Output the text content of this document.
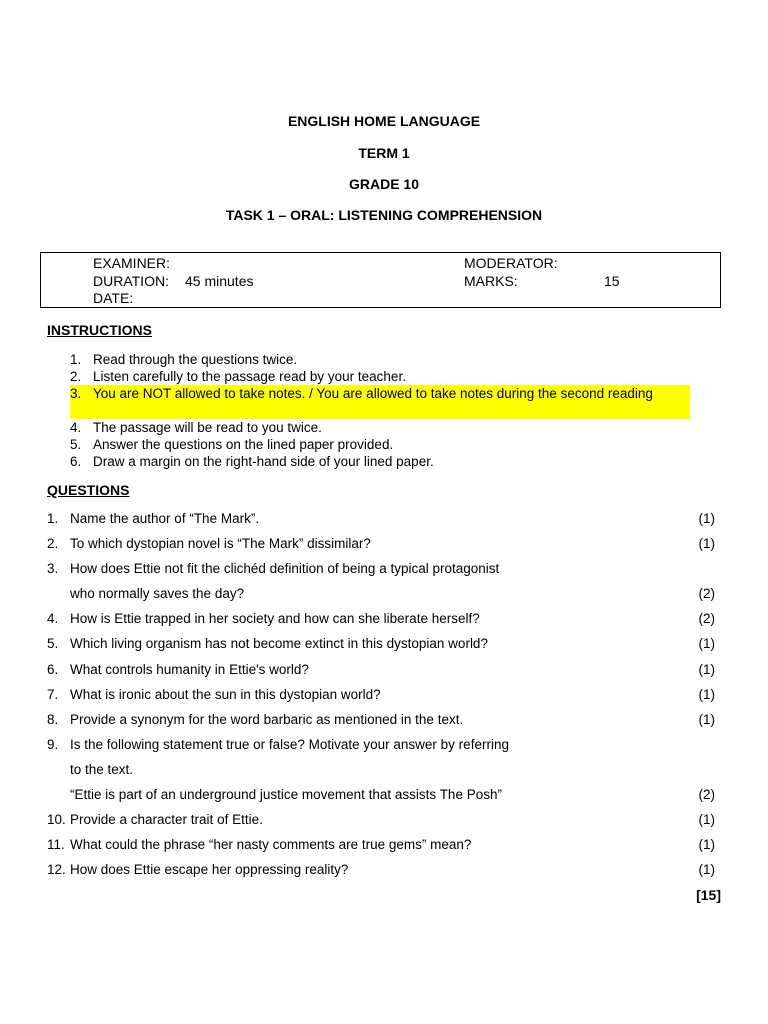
ENGLISH HOME LANGUAGE
TERM 1
GRADE 10
TASK 1 – ORAL: LISTENING COMPREHENSION
EXAMINER:	MODERATOR:
DURATION: 45 minutes	MARKS:	15
DATE:
INSTRUCTIONS
1. Read through the questions twice.
2. Listen carefully to the passage read by your teacher.
3. You are NOT allowed to take notes. / You are allowed to take notes during the second reading
4. The passage will be read to you twice.
5. Answer the questions on the lined paper provided.
6. Draw a margin on the right-hand side of your lined paper.
QUESTIONS
1. Name the author of “The Mark”.	(1)
2. To which dystopian novel is “The Mark” dissimilar?	(1)
3. How does Ettie not fit the clichéd definition of being a typical protagonist
who normally saves the day?	(2)
4. How is Ettie trapped in her society and how can she liberate herself?	(2)
5. Which living organism has not become extinct in this dystopian world?	(1)
6. What controls humanity in Ettie's world?	(1)
7. What is ironic about the sun in this dystopian world?	(1)
8. Provide a synonym for the word barbaric as mentioned in the text.	(1)
9. Is the following statement true or false? Motivate your answer by referring
to the text.
“Ettie is part of an underground justice movement that assists The Posh”	(2)
10. Provide a character trait of Ettie.	(1)
11. What could the phrase “her nasty comments are true gems” mean?	(1)
12. How does Ettie escape her oppressing reality?	(1)
[15]
